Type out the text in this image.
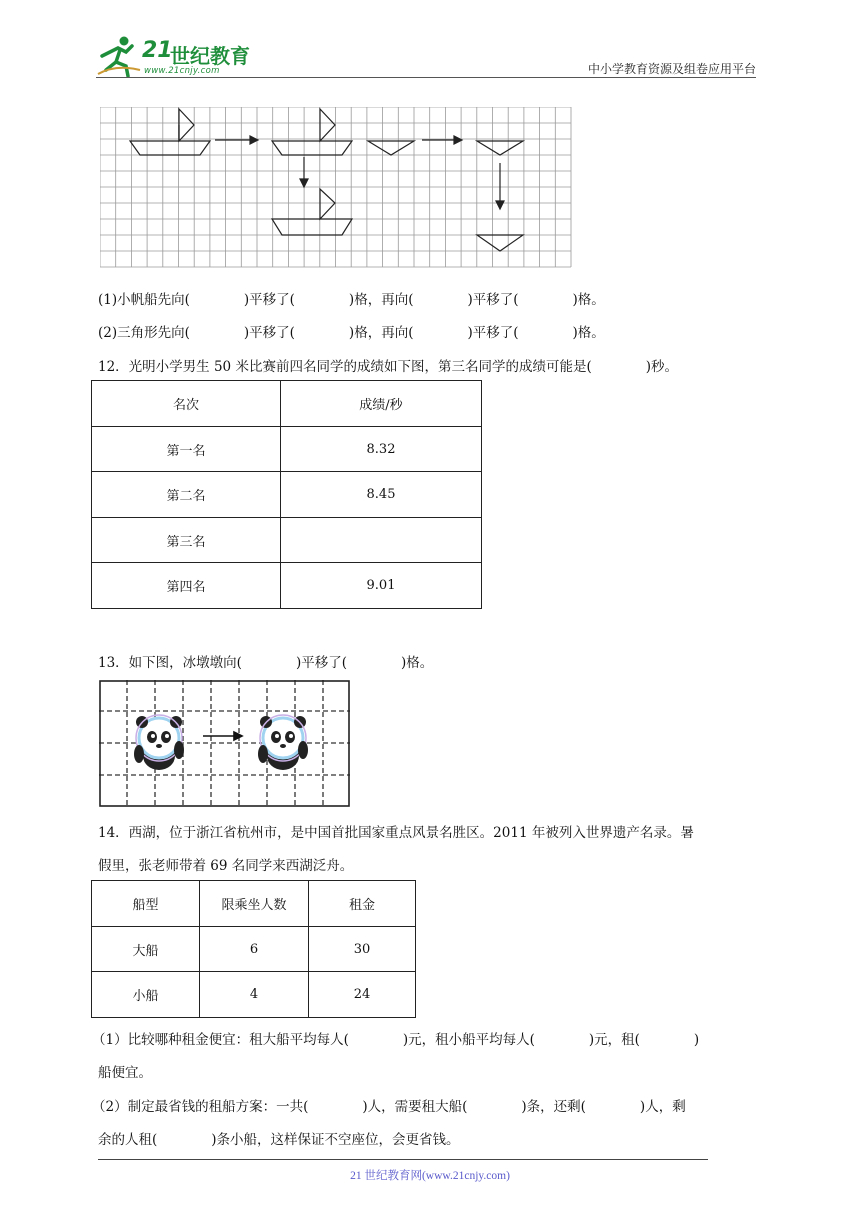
21
世纪教育
www.21cnjy.com	中小学教育资源及组卷应用平台
(1)小帆船先向(　　　　)平移了(　　　　)格，再向(　　　　)平移了(　　　　)格。
(2)三角形先向(　　　　)平移了(　　　　)格，再向(　　　　)平移了(　　　　)格。
12．光明小学男生 50 米比赛前四名同学的成绩如下图，第三名同学的成绩可能是(　　　　)秒。
名次	成绩/秒
第一名	8.32
第二名	8.45
第三名	
第四名	9.01
13．如下图，冰墩墩向(　　　　)平移了(　　　　)格。
14．西湖，位于浙江省杭州市，是中国首批国家重点风景名胜区。2011 年被列入世界遗产名录。暑
假里，张老师带着 69 名同学来西湖泛舟。
船型	限乘坐人数	租金
大船	6	30
小船	4	24
（1）比较哪种租金便宜：租大船平均每人(　　　　)元，租小船平均每人(　　　　)元，租(　　　　)
船便宜。
（2）制定最省钱的租船方案：一共(　　　　)人，需要租大船(　　　　)条，还剩(　　　　)人，剩
余的人租(　　　　)条小船，这样保证不空座位，会更省钱。
21 世纪教育网(www.21cnjy.com)
